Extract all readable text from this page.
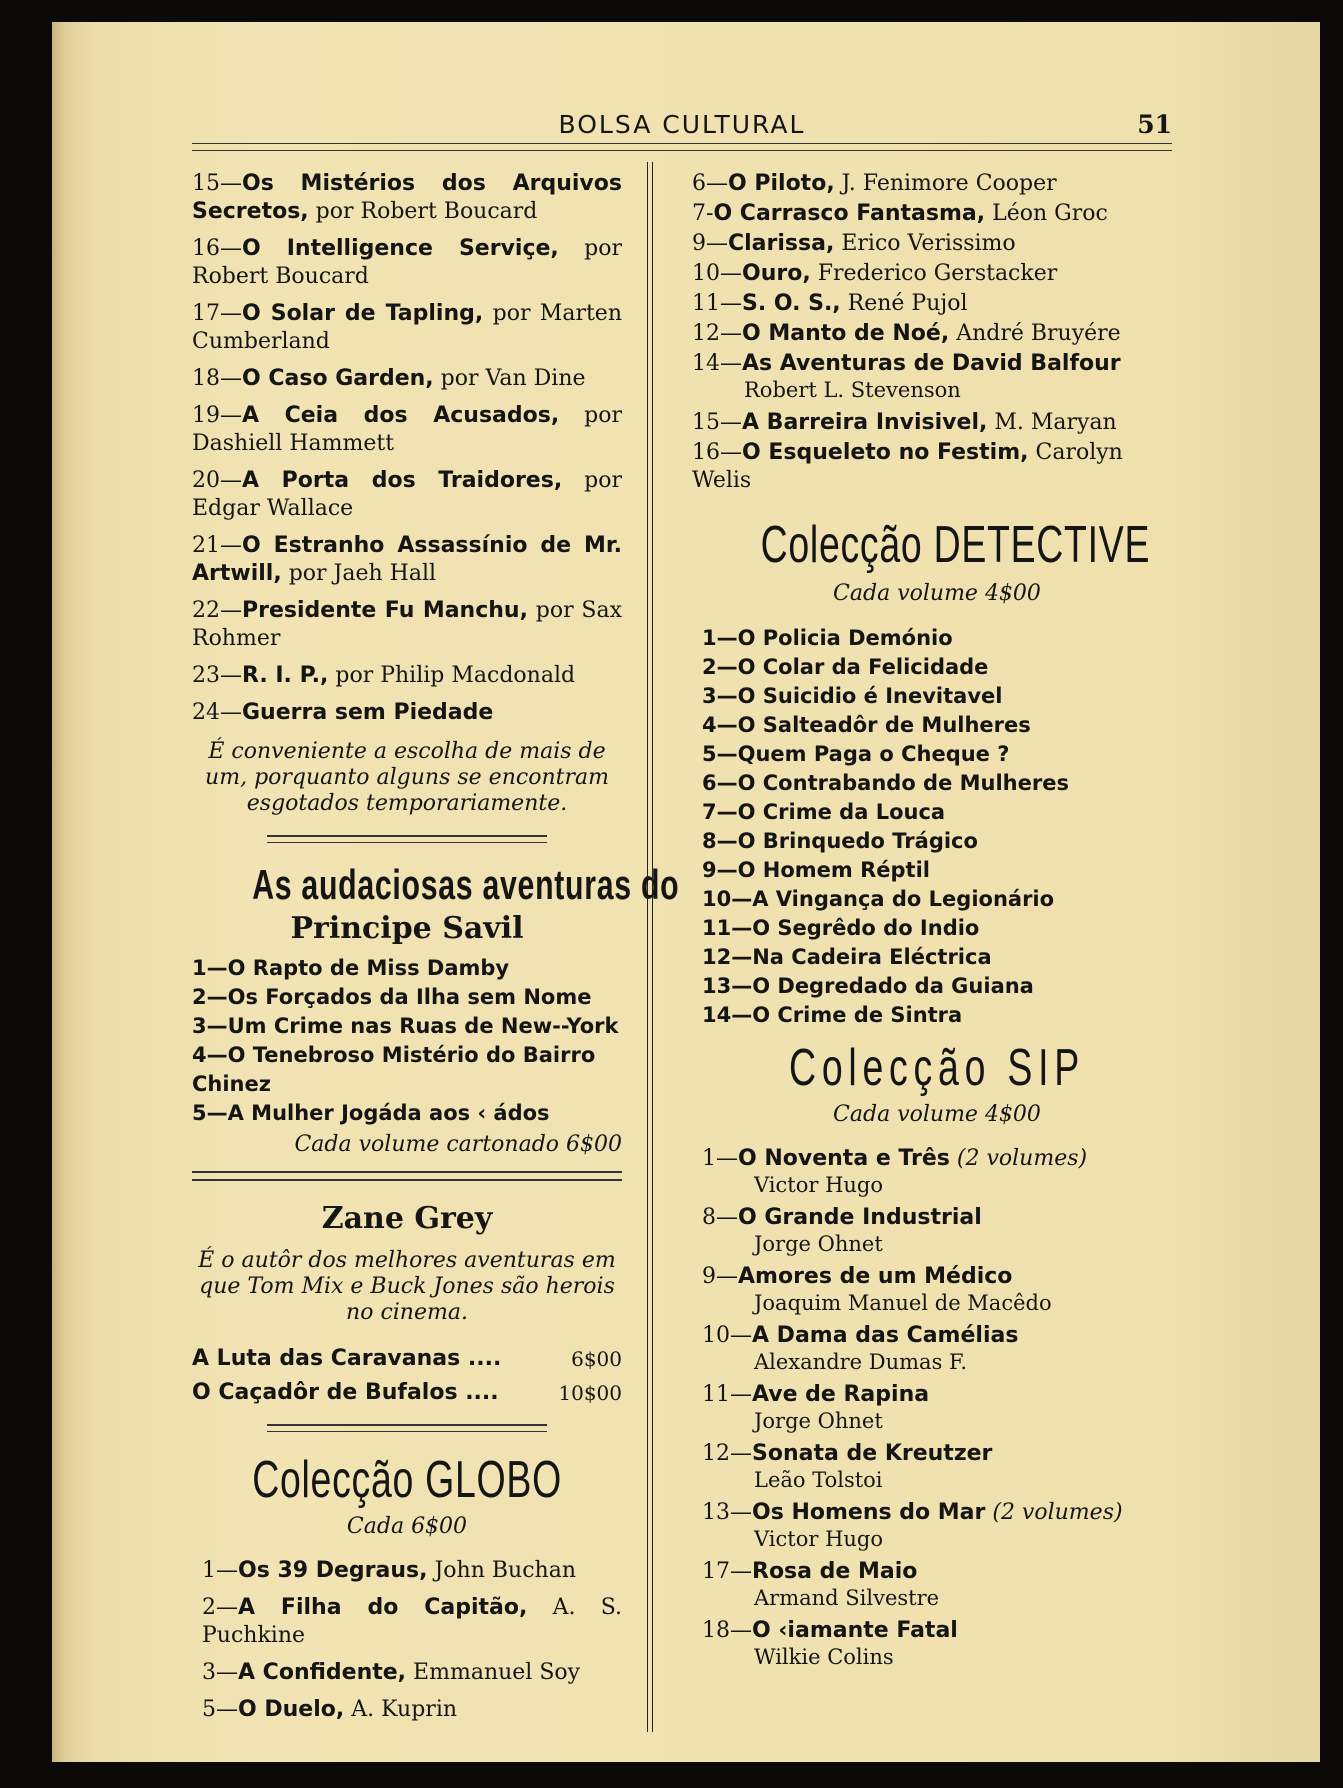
BOLSA CULTURAL	51
15—Os Mistérios dos Arquivos Secretos, por Robert Boucard
16—O Intelligence Serviçe, por Robert Boucard
17—O Solar de Tapling, por Marten Cumberland
18—O Caso Garden, por Van Dine
19—A Ceia dos Acusados, por Dashiell Hammett
20—A Porta dos Traidores, por Edgar Wallace
21—O Estranho Assassínio de Mr. Artwill, por Jaeh Hall
22—Presidente Fu Manchu, por Sax Rohmer
23—R. I. P., por Philip Macdonald
24—Guerra sem Piedade
É conveniente a escolha de mais de um, porquanto alguns se encontram esgotados temporariamente.
As audaciosas aventuras do
Principe Savil
1—O Rapto de Miss Damby
2—Os Forçados da Ilha sem Nome
3—Um Crime nas Ruas de New--York
4—O Tenebroso Mistério do Bairro Chinez
5—A Mulher Jogáda aos ‹ ádos
Cada volume cartonado 6$00
Zane Grey
É o autôr dos melhores aventuras em que Tom Mix e Buck Jones são herois no cinema.
A Luta das Caravanas ....	6$00
O Caçadôr de Bufalos ....	10$00
Colecção GLOBO
Cada 6$00
1—Os 39 Degraus, John Buchan
2—A Filha do Capitão, A. S. Puchkine
3—A Confidente, Emmanuel Soy
5—O Duelo, A. Kuprin
6—O Piloto, J. Fenimore Cooper
7-O Carrasco Fantasma, Léon Groc
9—Clarissa, Erico Verissimo
10—Ouro, Frederico Gerstacker
11—S. O. S., René Pujol
12—O Manto de Noé, André Bruyére
14—As Aventuras de David Balfour
Robert L. Stevenson
15—A Barreira Invisivel, M. Maryan
16—O Esqueleto no Festim, Carolyn Welis
Colecção DETECTIVE
Cada volume 4$00
1—O Policia Demónio
2—O Colar da Felicidade
3—O Suicidio é Inevitavel
4—O Salteadôr de Mulheres
5—Quem Paga o Cheque ?
6—O Contrabando de Mulheres
7—O Crime da Louca
8—O Brinquedo Trágico
9—O Homem Réptil
10—A Vingança do Legionário
11—O Segrêdo do Indio
12—Na Cadeira Eléctrica
13—O Degredado da Guiana
14—O Crime de Sintra
Colecção SIP
Cada volume 4$00
1—O Noventa e Três (2 volumes)
Victor Hugo
8—O Grande Industrial
Jorge Ohnet
9—Amores de um Médico
Joaquim Manuel de Macêdo
10—A Dama das Camélias
Alexandre Dumas F.
11—Ave de Rapina
Jorge Ohnet
12—Sonata de Kreutzer
Leão Tolstoi
13—Os Homens do Mar (2 volumes)
Victor Hugo
17—Rosa de Maio
Armand Silvestre
18—O ‹iamante Fatal
Wilkie Colins
